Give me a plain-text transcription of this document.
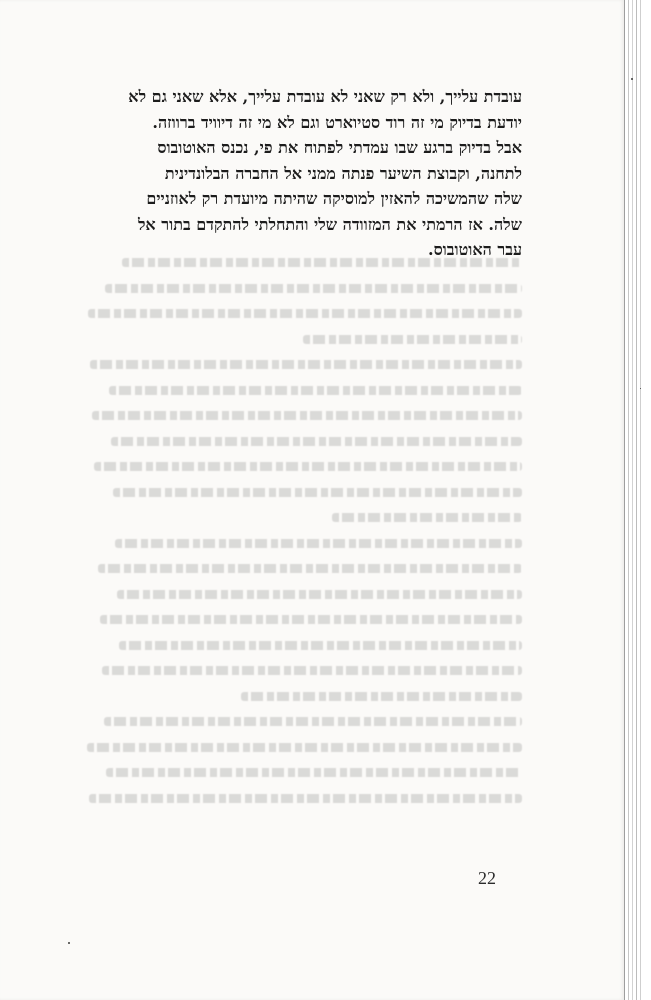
עובדת עלייך, ולא רק שאני לא עובדת עלייך, אלא שאני גם לא
יודעת בדיוק מי זה רוד סטיוארט וגם לא מי זה דיוויד ברווזה.
אבל בדיוק ברגע שבו עמדתי לפתוח את פי, נכנס האוטובוס
לתחנה, וקבוצת השיער פנתה ממני אל החברה הבלונדינית
שלה שהמשיכה להאזין למוסיקה שהיתה מיועדת רק לאוזניים
שלה. אז הרמתי את המזוודה שלי והתחלתי להתקדם בתור אל
עבר האוטובוס.
22
